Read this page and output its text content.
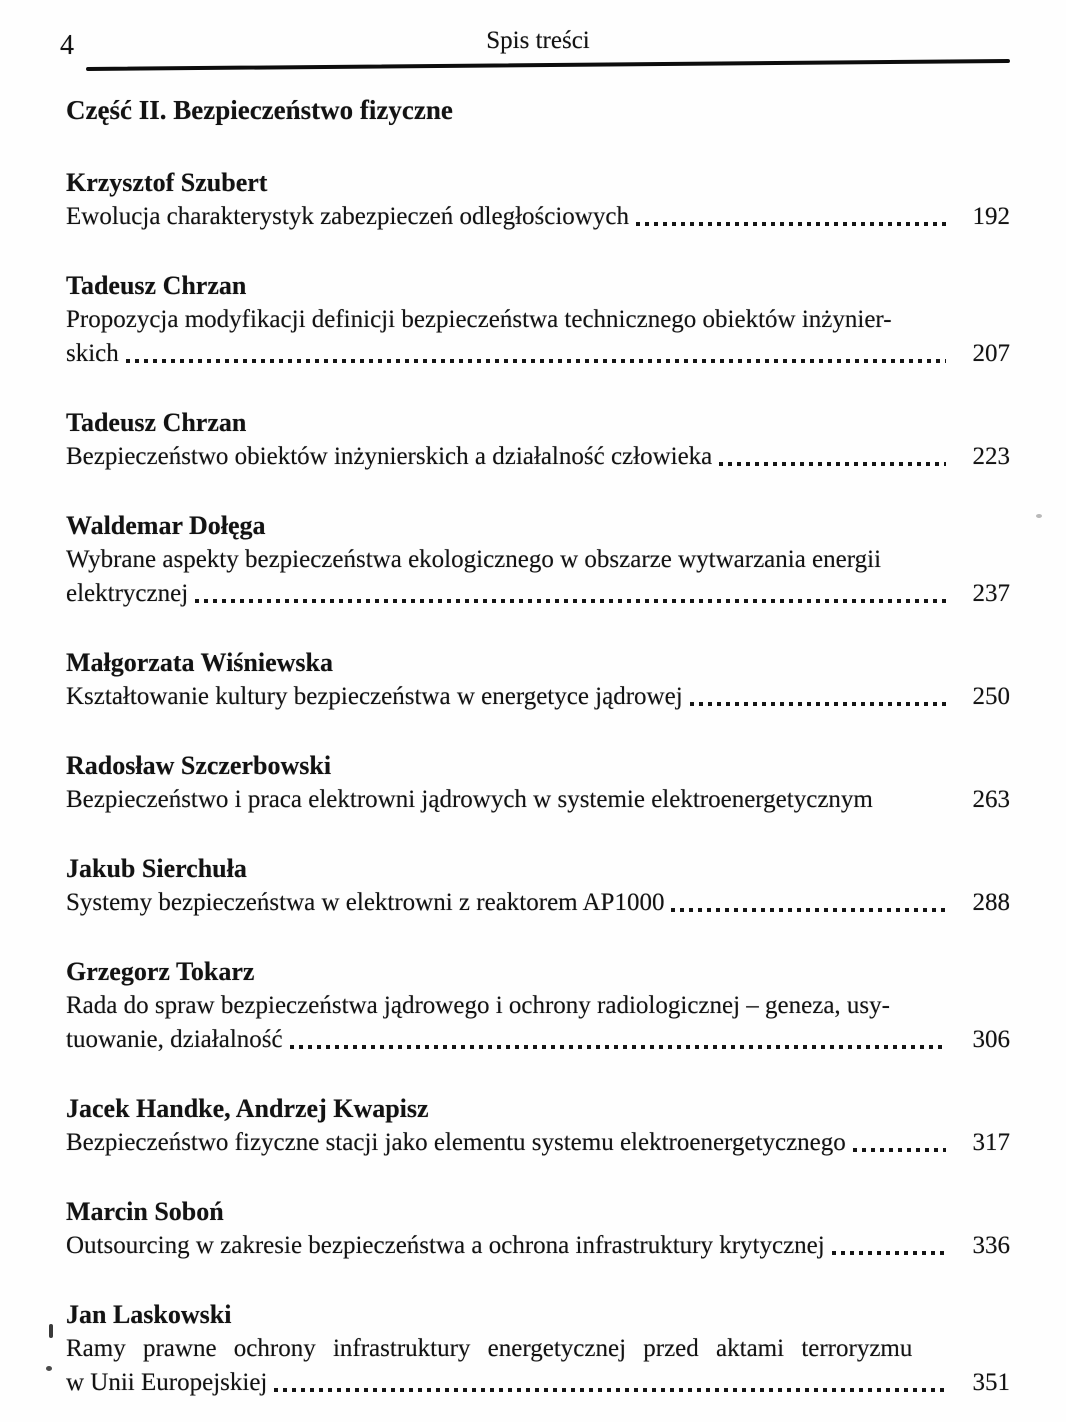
4	Spis treści
Część II. Bezpieczeństwo fizyczne
Krzysztof Szubert
Ewolucja charakterystyk zabezpieczeń odległościowych	192
Tadeusz Chrzan
Propozycja modyfikacji definicji bezpieczeństwa technicznego obiektów inżynier-
skich	207
Tadeusz Chrzan
Bezpieczeństwo obiektów inżynierskich a działalność człowieka	223
Waldemar Dołęga
Wybrane aspekty bezpieczeństwa ekologicznego w obszarze wytwarzania energii
elektrycznej	237
Małgorzata Wiśniewska
Kształtowanie kultury bezpieczeństwa w energetyce jądrowej	250
Radosław Szczerbowski
Bezpieczeństwo i praca elektrowni jądrowych w systemie elektroenergetycznym	263
Jakub Sierchuła
Systemy bezpieczeństwa w elektrowni z reaktorem AP1000	288
Grzegorz Tokarz
Rada do spraw bezpieczeństwa jądrowego i ochrony radiologicznej – geneza, usy-
tuowanie, działalność	306
Jacek Handke, Andrzej Kwapisz
Bezpieczeństwo fizyczne stacji jako elementu systemu elektroenergetycznego	317
Marcin Soboń
Outsourcing w zakresie bezpieczeństwa a ochrona infrastruktury krytycznej	336
Jan Laskowski
Ramy prawne ochrony infrastruktury energetycznej przed aktami terroryzmu
w Unii Europejskiej	351
